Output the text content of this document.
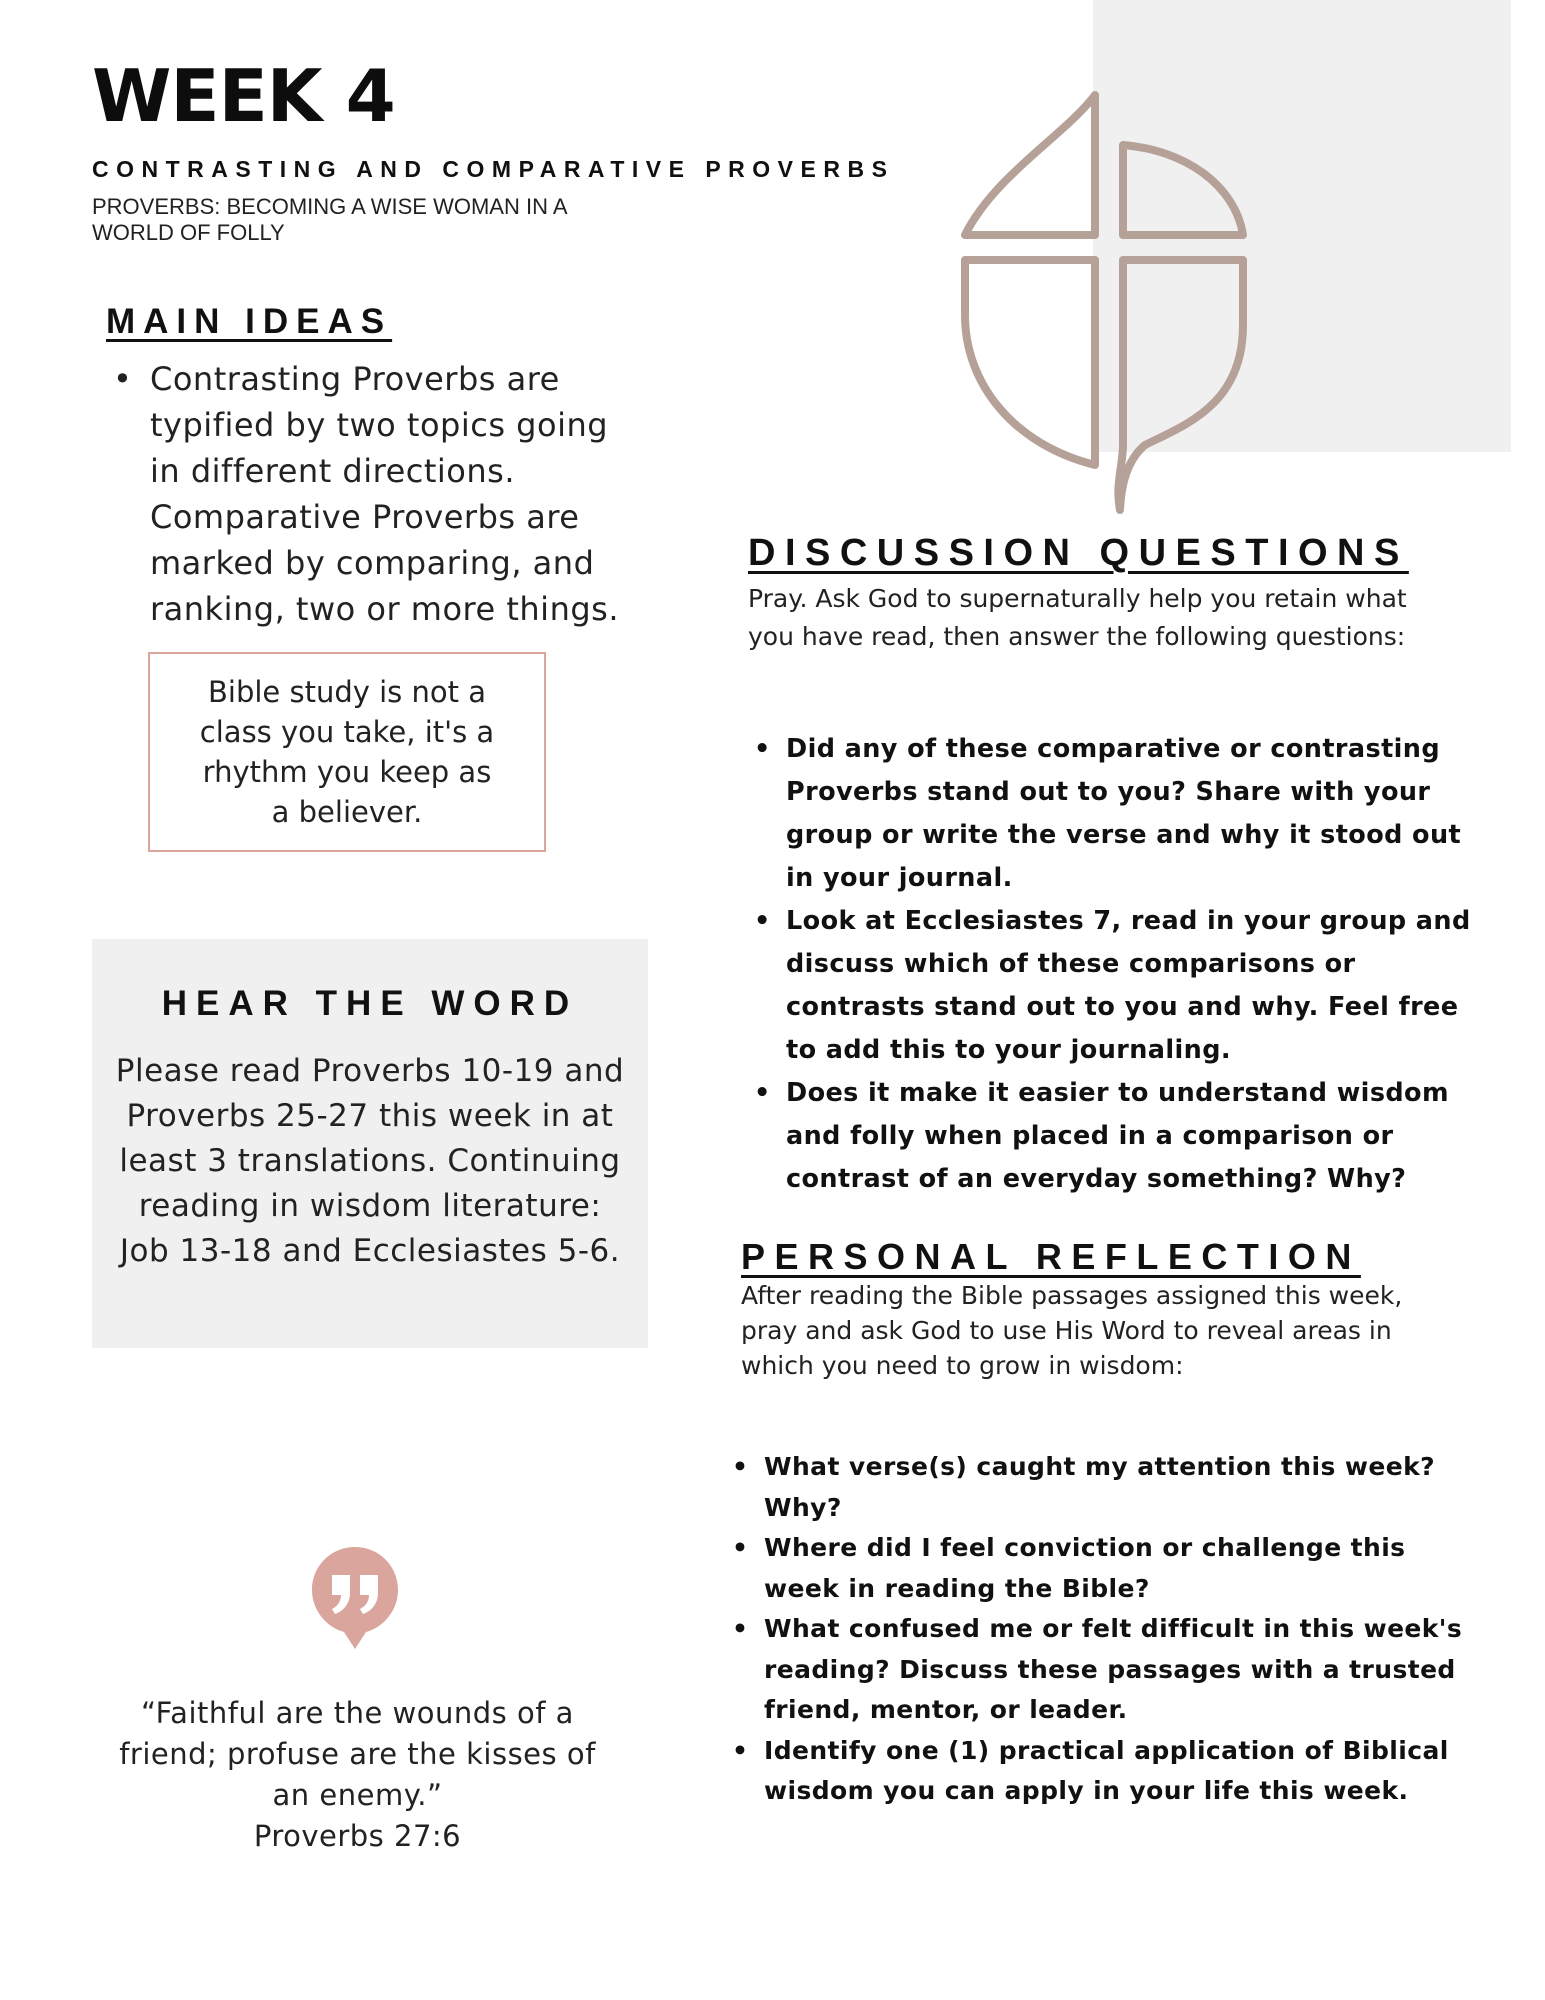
WEEK 4
CONTRASTING AND COMPARATIVE PROVERBS
PROVERBS: BECOMING A WISE WOMAN IN A WORLD OF FOLLY
MAIN IDEAS
• Contrasting Proverbs are typified by two topics going in different directions. Comparative Proverbs are marked by comparing, and ranking, two or more things.
Bible study is not a class you take, it's a rhythm you keep as a believer.
HEAR THE WORD
Please read Proverbs 10-19 and Proverbs 25-27 this week in at least 3 translations. Continuing reading in wisdom literature: Job 13-18 and Ecclesiastes 5-6.
“Faithful are the wounds of a friend; profuse are the kisses of an enemy.”
Proverbs 27:6
DISCUSSION QUESTIONS
Pray. Ask God to supernaturally help you retain what you have read, then answer the following questions:
• Did any of these comparative or contrasting Proverbs stand out to you? Share with your group or write the verse and why it stood out in your journal.
• Look at Ecclesiastes 7, read in your group and discuss which of these comparisons or contrasts stand out to you and why. Feel free to add this to your journaling.
• Does it make it easier to understand wisdom and folly when placed in a comparison or contrast of an everyday something? Why?
PERSONAL REFLECTION
After reading the Bible passages assigned this week, pray and ask God to use His Word to reveal areas in which you need to grow in wisdom:
• What verse(s) caught my attention this week? Why?
• Where did I feel conviction or challenge this week in reading the Bible?
• What confused me or felt difficult in this week's reading? Discuss these passages with a trusted friend, mentor, or leader.
• Identify one (1) practical application of Biblical wisdom you can apply in your life this week.
